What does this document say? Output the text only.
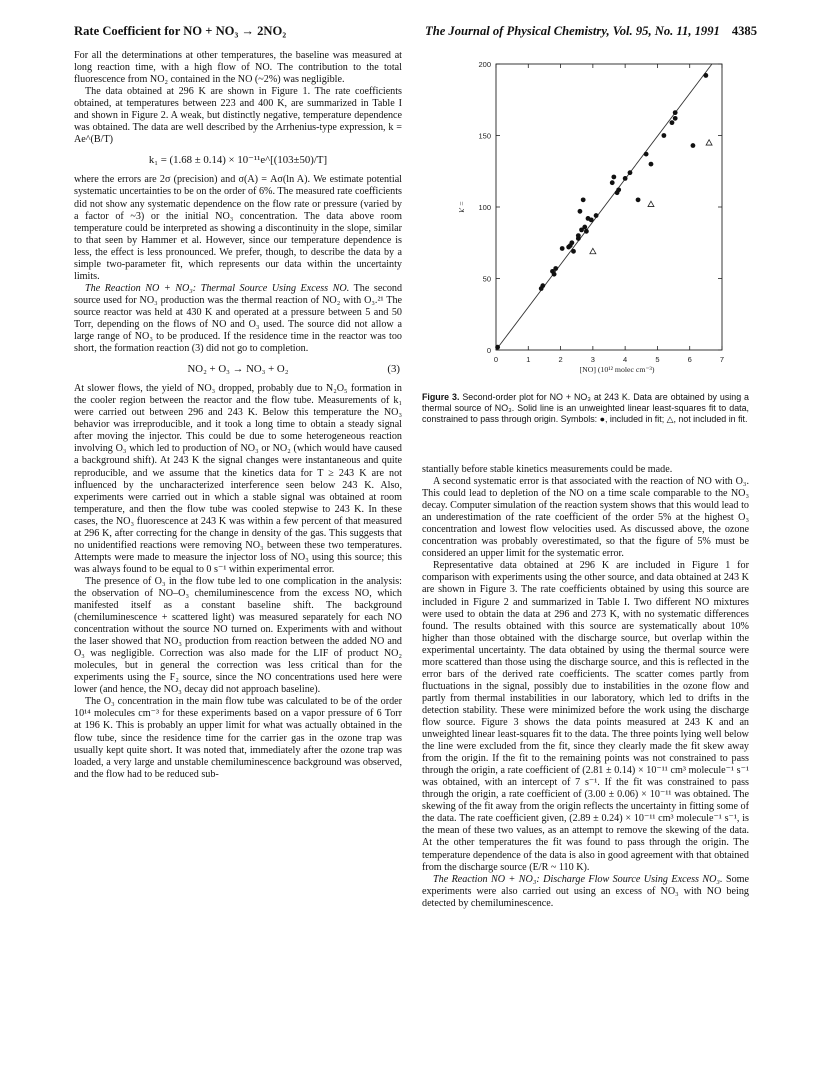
Rate Coefficient for NO + NO₃ → 2NO₂	The Journal of Physical Chemistry, Vol. 95, No. 11, 1991 4385

For all the determinations at other temperatures, the baseline was measured at long reaction time, with a high flow of NO. The contribution to the total fluorescence from NO₂ contained in the NO (~2%) was negligible.

The data obtained at 296 K are shown in Figure 1. The rate coefficients obtained, at temperatures between 223 and 400 K, are summarized in Table I and shown in Figure 2. A weak, but distinctly negative, temperature dependence was obtained. The data are well described by the Arrhenius-type expression, k = Ae^(B/T)

k₁ = (1.68 ± 0.14) × 10⁻¹¹e^[(103±50)/T]

where the errors are 2σ (precision) and σ(A) = Aσ(ln A). We estimate potential systematic uncertainties to be on the order of 6%. The measured rate coefficients did not show any systematic dependence on the flow rate or pressure (varied by a factor of ~3) or the initial NO₃ concentration. The data above room temperature could be interpreted as showing a discontinuity in the slope, similar to that seen by Hammer et al. However, since our temperature dependence is less, the effect is less pronounced. We prefer, though, to describe the data by a simple two-parameter fit, which represents our data within the uncertainty limits.

The Reaction NO + NO₃: Thermal Source Using Excess NO. The second source used for NO₃ production was the thermal reaction of NO₂ with O₃.²¹ The source reactor was held at 430 K and operated at a pressure between 5 and 50 Torr, depending on the flows of NO and O₃ used. The source did not allow a large range of NO₃ to be produced. If the residence time in the reactor was too short, the formation reaction (3) did not go to completion.

NO₂ + O₃ → NO₃ + O₂	(3)

At slower flows, the yield of NO₃ dropped, probably due to N₂O₅ formation in the cooler region between the reactor and the flow tube. Measurements of k₁ were carried out between 296 and 243 K. Below this temperature the NO₃ behavior was irreproducible, and it took a long time to obtain a steady signal after moving the injector. This could be due to some heterogeneous reaction involving O₃ which led to production of NO₃ or NO₂ (which would have caused a background shift). At 243 K the signal changes were instantaneous and quite reproducible, and we assume that the kinetics data for T ≥ 243 K are not influenced by the uncharacterized interference seen below 243 K. Also, experiments were carried out in which a stable signal was obtained at room temperature, and then the flow tube was cooled stepwise to 243 K. In these cases, the NO₃ fluorescence at 243 K was within a few percent of that measured at 296 K, after correcting for the change in density of the gas. This suggests that no unidentified reactions were removing NO₃ between these two temperatures. Attempts were made to measure the injector loss of NO₃ using this source; this was always found to be equal to 0 s⁻¹ within experimental error.

The presence of O₃ in the flow tube led to one complication in the analysis: the observation of NO–O₃ chemiluminescence from the excess NO, which manifested itself as a constant baseline shift. The background (chemiluminescence + scattered light) was measured separately for each NO concentration without the source NO turned on. Experiments with and without the laser showed that NO₃ production from reaction between the added NO and O₃ was negligible. Correction was also made for the LIF of product NO₂ molecules, but in general the correction was less critical than for the experiments using the F₂ source, since the NO concentrations used here were lower (and hence, the NO₃ decay did not approach baseline).

The O₃ concentration in the main flow tube was calculated to be of the order 10¹⁴ molecules cm⁻³ for these experiments based on a vapor pressure of 6 Torr at 196 K. This is probably an upper limit for what was actually obtained in the flow tube, since the residence time for the carrier gas in the ozone trap was usually kept quite short. It was noted that, immediately after the ozone trap was loaded, a very large and unstable chemiluminescence background was observed, and the flow had to be reduced sub-

0	1	2	3	4	5	6	7
0
50
100
150
200
k' =
[NO] (10¹² molec cm⁻³)
Figure 3. Second-order plot for NO + NO₃ at 243 K. Data are obtained by using a thermal source of NO₃. Solid line is an unweighted linear least-squares fit to data, constrained to pass through origin. Symbols: ●, included in fit; △, not included in fit.

stantially before stable kinetics measurements could be made.

A second systematic error is that associated with the reaction of NO with O₃. This could lead to depletion of the NO on a time scale comparable to the NO₃ decay. Computer simulation of the reaction system shows that this would lead to an underestimation of the rate coefficient of the order 5% at the highest O₃ concentration and lowest flow velocities used. As discussed above, the ozone concentration was probably overestimated, so that the figure of 5% must be considered an upper limit for the systematic error.

Representative data obtained at 296 K are included in Figure 1 for comparison with experiments using the other source, and data obtained at 243 K are shown in Figure 3. The rate coefficients obtained by using this source are included in Figure 2 and summarized in Table I. Two different NO mixtures were used to obtain the data at 296 and 273 K, with no systematic differences found. The results obtained with this source are systematically about 10% higher than those obtained with the discharge source, but overlap within the experimental uncertainty. The data obtained by using the thermal source were more scattered than those using the discharge source, and this is reflected in the error bars of the derived rate coefficients. The scatter comes partly from fluctuations in the signal, possibly due to instabilities in the ozone flow and partly from thermal instabilities in our laboratory, which led to drifts in the detection stability. These were minimized before the work using the discharge flow source. Figure 3 shows the data points measured at 243 K and an unweighted linear least-squares fit to the data. The three points lying well below the line were excluded from the fit, since they clearly made the fit skew away from the origin. If the fit to the remaining points was not constrained to pass through the origin, a rate coefficient of (2.81 ± 0.14) × 10⁻¹¹ cm³ molecule⁻¹ s⁻¹ was obtained, with an intercept of 7 s⁻¹. If the fit was constrained to pass through the origin, a rate coefficient of (3.00 ± 0.06) × 10⁻¹¹ was obtained. The skewing of the fit away from the origin reflects the uncertainty in fitting some of the data. The rate coefficient given, (2.89 ± 0.24) × 10⁻¹¹ cm³ molecule⁻¹ s⁻¹, is the mean of these two values, as an attempt to remove the skewing of the data. At the other temperatures the fit was found to pass through the origin. The temperature dependence of the data is also in good agreement with that obtained from the discharge source (E/R ~ 110 K).

The Reaction NO + NO₃: Discharge Flow Source Using Excess NO₃. Some experiments were also carried out using an excess of NO₃ with NO being detected by chemiluminescence.
